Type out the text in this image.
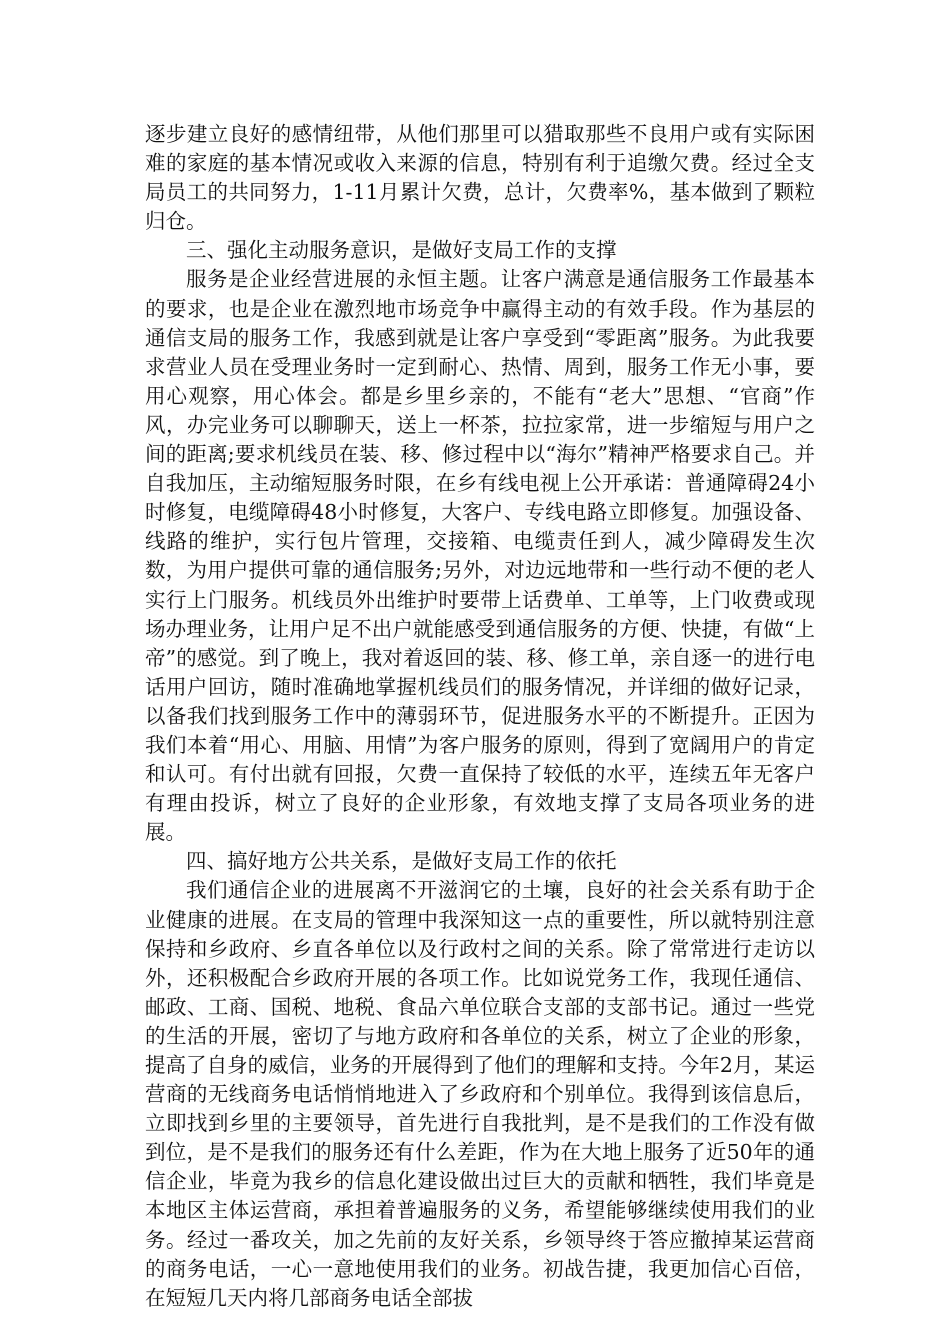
逐步建立良好的感情纽带，从他们那里可以猎取那些不良用户或有实际困难的家庭的基本情况或收入来源的信息，特别有利于追缴欠费。经过全支局员工的共同努力，1-11月累计欠费，总计，欠费率%，基本做到了颗粒归仓。

三、强化主动服务意识，是做好支局工作的支撑

服务是企业经营进展的永恒主题。让客户满意是通信服务工作最基本的要求，也是企业在激烈地市场竞争中赢得主动的有效手段。作为基层的通信支局的服务工作，我感到就是让客户享受到“零距离”服务。为此我要求营业人员在受理业务时一定到耐心、热情、周到，服务工作无小事，要用心观察，用心体会。都是乡里乡亲的，不能有“老大”思想、“官商”作风，办完业务可以聊聊天，送上一杯茶，拉拉家常，进一步缩短与用户之间的距离;要求机线员在装、移、修过程中以“海尔”精神严格要求自己。并自我加压，主动缩短服务时限，在乡有线电视上公开承诺：普通障碍24小时修复，电缆障碍48小时修复，大客户、专线电路立即修复。加强设备、线路的维护，实行包片管理，交接箱、电缆责任到人，减少障碍发生次数，为用户提供可靠的通信服务;另外，对边远地带和一些行动不便的老人实行上门服务。机线员外出维护时要带上话费单、工单等，上门收费或现场办理业务，让用户足不出户就能感受到通信服务的方便、快捷，有做“上帝”的感觉。到了晚上，我对着返回的装、移、修工单，亲自逐一的进行电话用户回访，随时准确地掌握机线员们的服务情况，并详细的做好记录，以备我们找到服务工作中的薄弱环节，促进服务水平的不断提升。正因为我们本着“用心、用脑、用情”为客户服务的原则，得到了宽阔用户的肯定和认可。有付出就有回报，欠费一直保持了较低的水平，连续五年无客户有理由投诉，树立了良好的企业形象，有效地支撑了支局各项业务的进展。

四、搞好地方公共关系，是做好支局工作的依托

我们通信企业的进展离不开滋润它的土壤，良好的社会关系有助于企业健康的进展。在支局的管理中我深知这一点的重要性，所以就特别注意保持和乡政府、乡直各单位以及行政村之间的关系。除了常常进行走访以外，还积极配合乡政府开展的各项工作。比如说党务工作，我现任通信、邮政、工商、国税、地税、食品六单位联合支部的支部书记。通过一些党的生活的开展，密切了与地方政府和各单位的关系，树立了企业的形象，提高了自身的威信，业务的开展得到了他们的理解和支持。今年2月，某运营商的无线商务电话悄悄地进入了乡政府和个别单位。我得到该信息后，立即找到乡里的主要领导，首先进行自我批判，是不是我们的工作没有做到位，是不是我们的服务还有什么差距，作为在大地上服务了近50年的通信企业，毕竟为我乡的信息化建设做出过巨大的贡献和牺牲，我们毕竟是本地区主体运营商，承担着普遍服务的义务，希望能够继续使用我们的业务。经过一番攻关，加之先前的友好关系，乡领导终于答应撤掉某运营商的商务电话，一心一意地使用我们的业务。初战告捷，我更加信心百倍，在短短几天内将几部商务电话全部拔
